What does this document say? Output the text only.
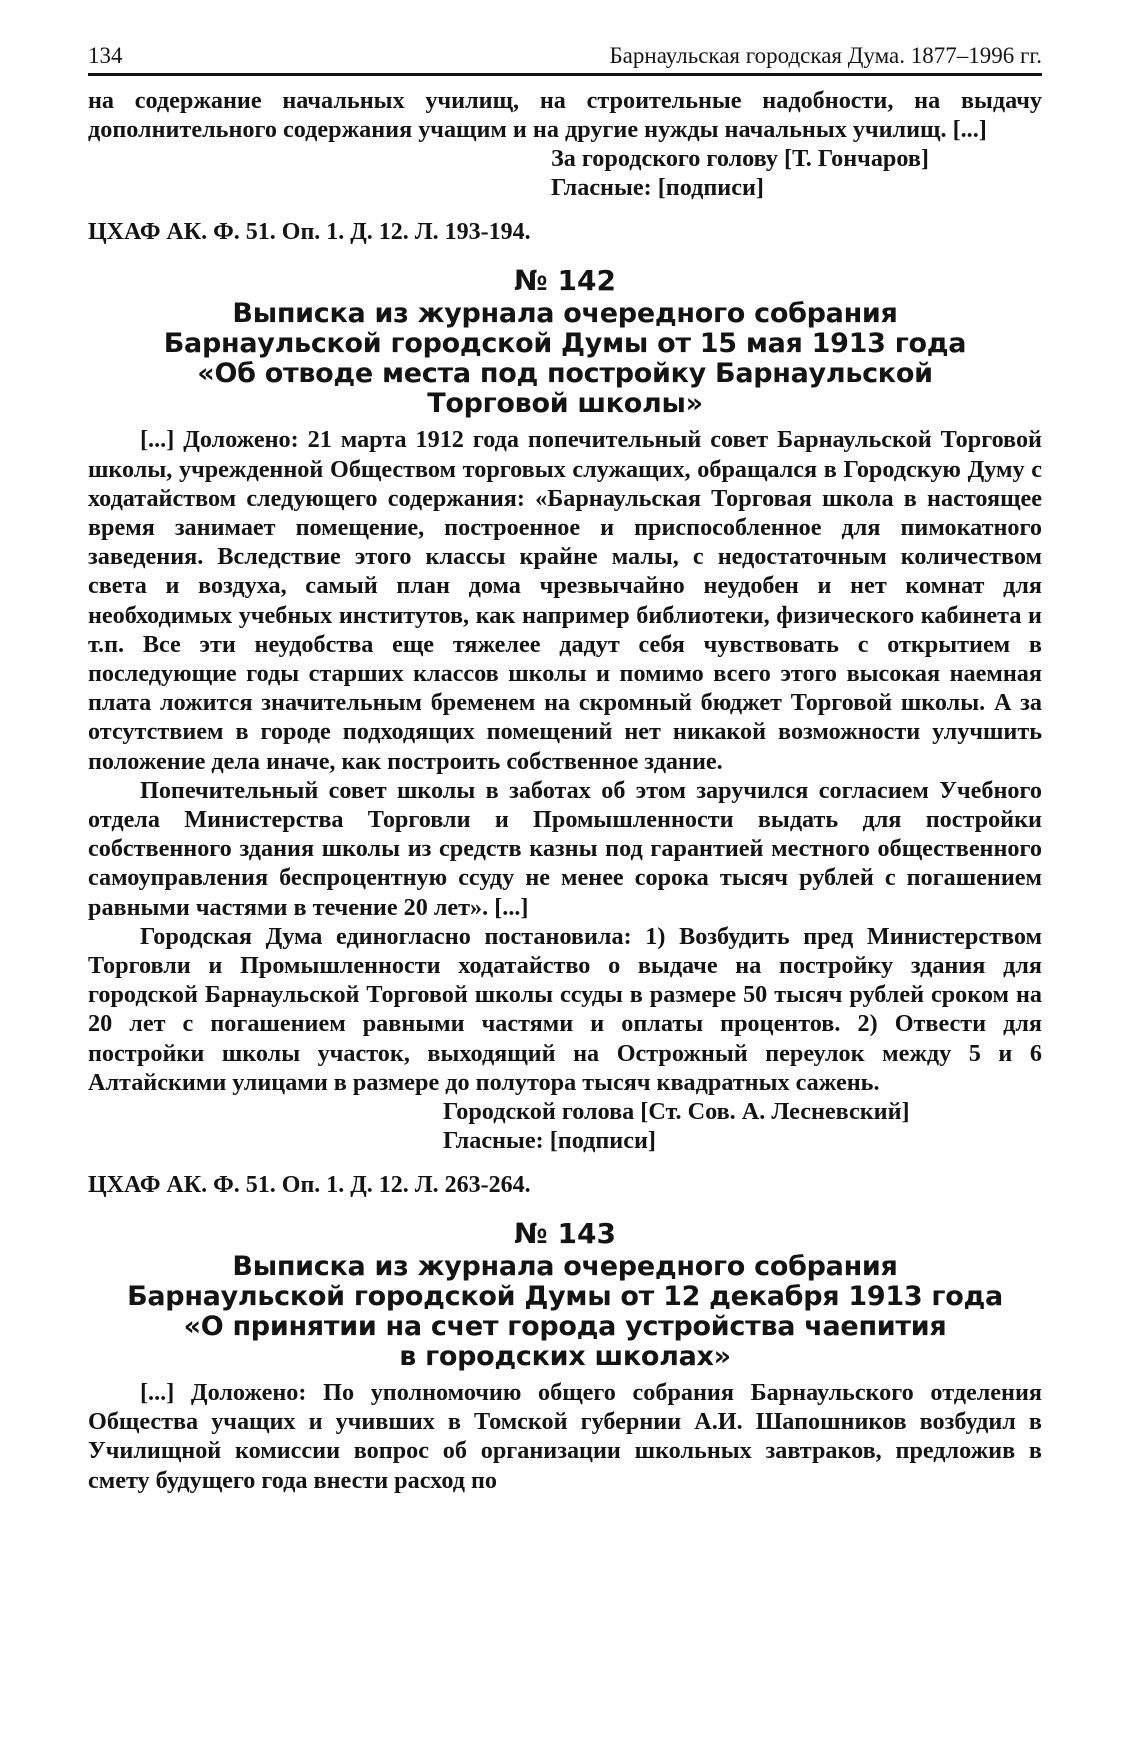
134	Барнаульская городская Дума. 1877–1996 гг.

на содержание начальных училищ, на строительные надобности, на выдачу дополнительного содержания учащим и на другие нужды начальных училищ. [...]

За городского голову [Т. Гончаров]
Гласные: [подписи]
ЦХАФ АК. Ф. 51. Оп. 1. Д. 12. Л. 193-194.
№ 142
Выписка из журнала очередного собрания
Барнаульской городской Думы от 15 мая 1913 года
«Об отводе места под постройку Барнаульской
Торговой школы»

[...] Доложено: 21 марта 1912 года попечительный совет Барнаульской Торговой школы, учрежденной Обществом торговых служащих, обращался в Городскую Думу с ходатайством следующего содержания: «Барнаульская Торговая школа в настоящее время занимает помещение, построенное и приспособленное для пимокатного заведения. Вследствие этого классы крайне малы, с недостаточным количеством света и воздуха, самый план дома чрезвычайно неудобен и нет комнат для необходимых учебных институтов, как например библиотеки, физического кабинета и т.п. Все эти неудобства еще тяжелее дадут себя чувствовать с открытием в последующие годы старших классов школы и помимо всего этого высокая наемная плата ложится значительным бременем на скромный бюджет Торговой школы. А за отсутствием в городе подходящих помещений нет никакой возможности улучшить положение дела иначе, как построить собственное здание.

Попечительный совет школы в заботах об этом заручился согласием Учебного отдела Министерства Торговли и Промышленности выдать для постройки собственного здания школы из средств казны под гарантией местного общественного самоуправления беспроцентную ссуду не менее сорока тысяч рублей с погашением равными частями в течение 20 лет». [...]

Городская Дума единогласно постановила: 1) Возбудить пред Министерством Торговли и Промышленности ходатайство о выдаче на постройку здания для городской Барнаульской Торговой школы ссуды в размере 50 тысяч рублей сроком на 20 лет с погашением равными частями и оплаты процентов. 2) Отвести для постройки школы участок, выходящий на Острожный переулок между 5 и 6 Алтайскими улицами в размере до полутора тысяч квадратных сажень.

Городской голова [Ст. Сов. А. Лесневский]
Гласные: [подписи]
ЦХАФ АК. Ф. 51. Оп. 1. Д. 12. Л. 263-264.
№ 143
Выписка из журнала очередного собрания
Барнаульской городской Думы от 12 декабря 1913 года
«О принятии на счет города устройства чаепития
в городских школах»

[...] Доложено: По уполномочию общего собрания Барнаульского отделения Общества учащих и учивших в Томской губернии А.И. Шапошников возбудил в Училищной комиссии вопрос об организации школьных завтраков, предложив в смету будущего года внести расход по
